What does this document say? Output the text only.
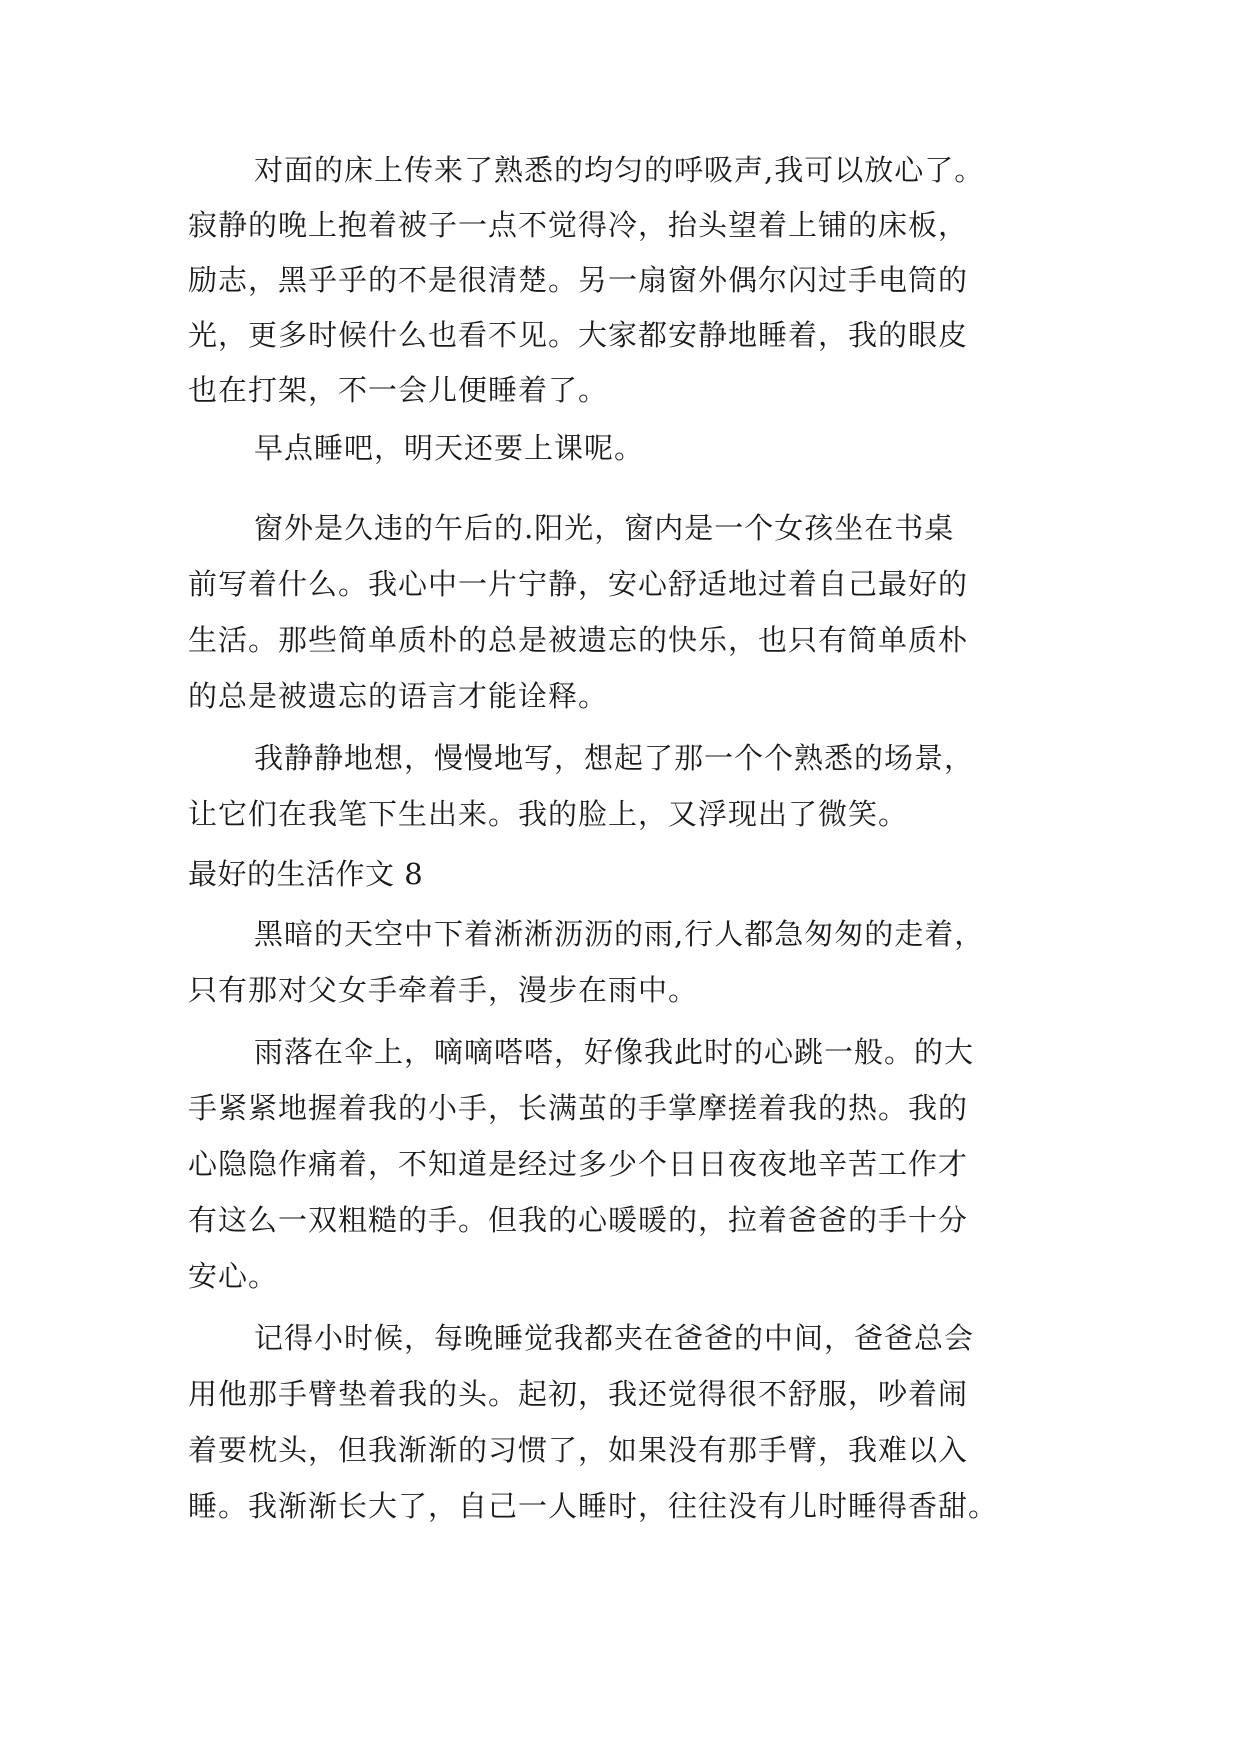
对面的床上传来了熟悉的均匀的呼吸声,我可以放心了。
寂静的晚上抱着被子一点不觉得冷，抬头望着上铺的床板，
励志，黑乎乎的不是很清楚。另一扇窗外偶尔闪过手电筒的
光，更多时候什么也看不见。大家都安静地睡着，我的眼皮
也在打架，不一会儿便睡着了。
早点睡吧，明天还要上课呢。
窗外是久违的午后的.阳光，窗内是一个女孩坐在书桌
前写着什么。我心中一片宁静，安心舒适地过着自己最好的
生活。那些简单质朴的总是被遗忘的快乐，也只有简单质朴
的总是被遗忘的语言才能诠释。
我静静地想，慢慢地写，想起了那一个个熟悉的场景，
让它们在我笔下生出来。我的脸上，又浮现出了微笑。
最好的生活作文 8
黑暗的天空中下着淅淅沥沥的雨,行人都急匆匆的走着，
只有那对父女手牵着手，漫步在雨中。
雨落在伞上，嘀嘀嗒嗒，好像我此时的心跳一般。的大
手紧紧地握着我的小手，长满茧的手掌摩搓着我的热。我的
心隐隐作痛着，不知道是经过多少个日日夜夜地辛苦工作才
有这么一双粗糙的手。但我的心暖暖的，拉着爸爸的手十分
安心。
记得小时候，每晚睡觉我都夹在爸爸的中间，爸爸总会
用他那手臂垫着我的头。起初，我还觉得很不舒服，吵着闹
着要枕头，但我渐渐的习惯了，如果没有那手臂，我难以入
睡。我渐渐长大了，自己一人睡时，往往没有儿时睡得香甜。
